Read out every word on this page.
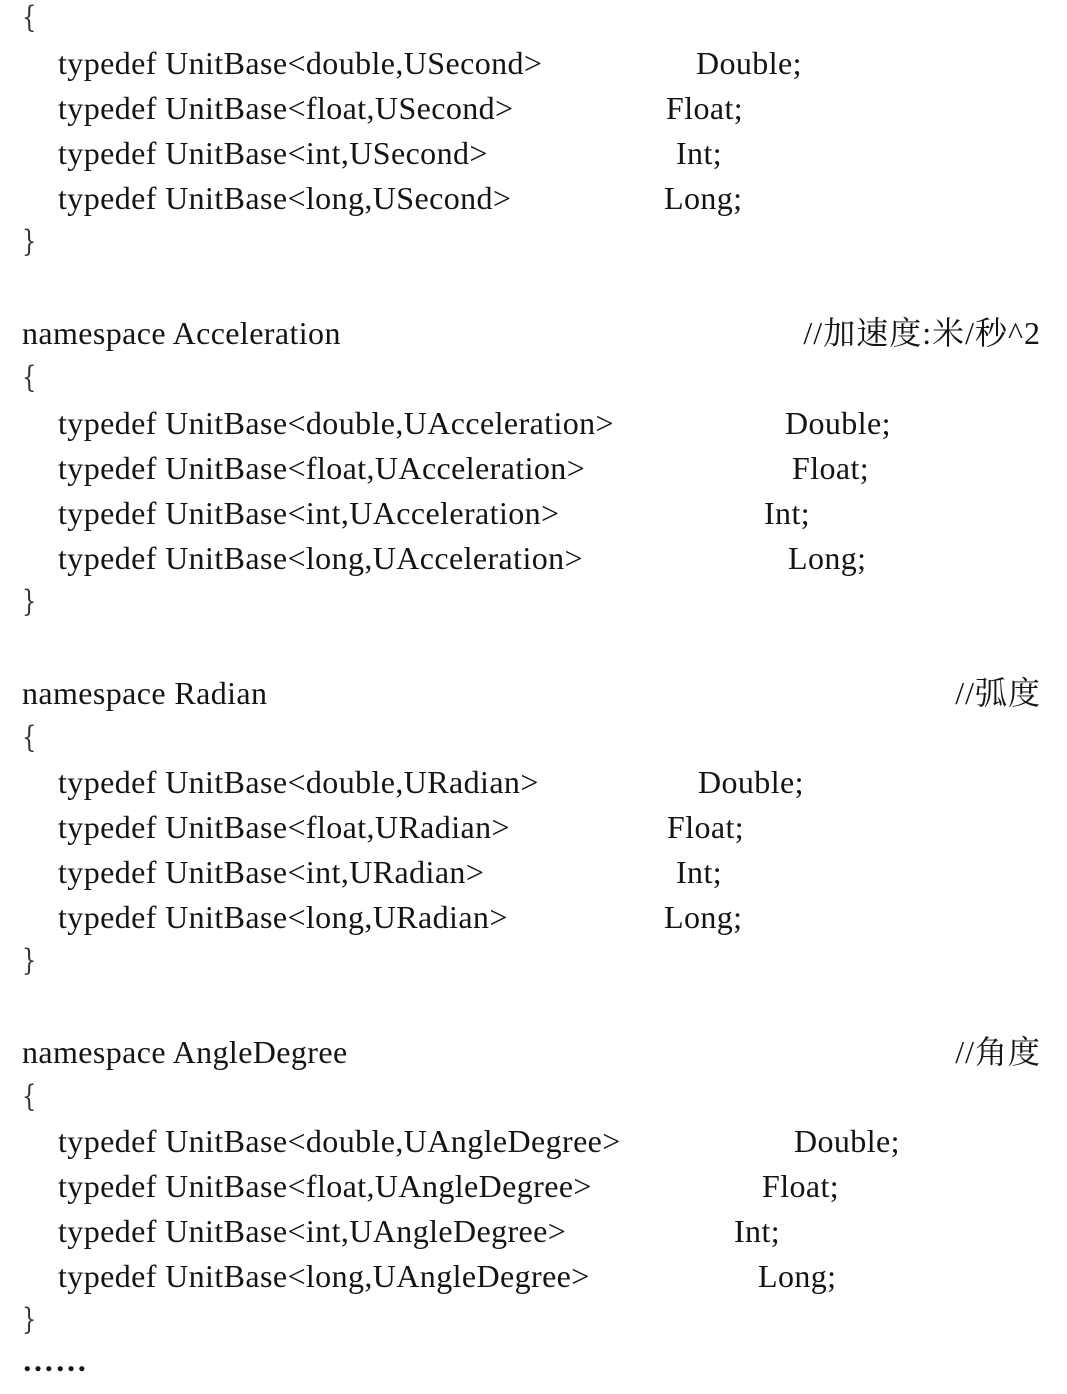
{
typedef UnitBase<double,USecond>	Double;
typedef UnitBase<float,USecond>	Float;
typedef UnitBase<int,USecond>	Int;
typedef UnitBase<long,USecond>	Long;
}
namespace Acceleration	//加速度:米/秒^2
{
typedef UnitBase<double,UAcceleration>	Double;
typedef UnitBase<float,UAcceleration>	Float;
typedef UnitBase<int,UAcceleration>	Int;
typedef UnitBase<long,UAcceleration>	Long;
}
namespace Radian	//弧度
{
typedef UnitBase<double,URadian>	Double;
typedef UnitBase<float,URadian>	Float;
typedef UnitBase<int,URadian>	Int;
typedef UnitBase<long,URadian>	Long;
}
namespace AngleDegree	//角度
{
typedef UnitBase<double,UAngleDegree>	Double;
typedef UnitBase<float,UAngleDegree>	Float;
typedef UnitBase<int,UAngleDegree>	Int;
typedef UnitBase<long,UAngleDegree>	Long;
}
……
